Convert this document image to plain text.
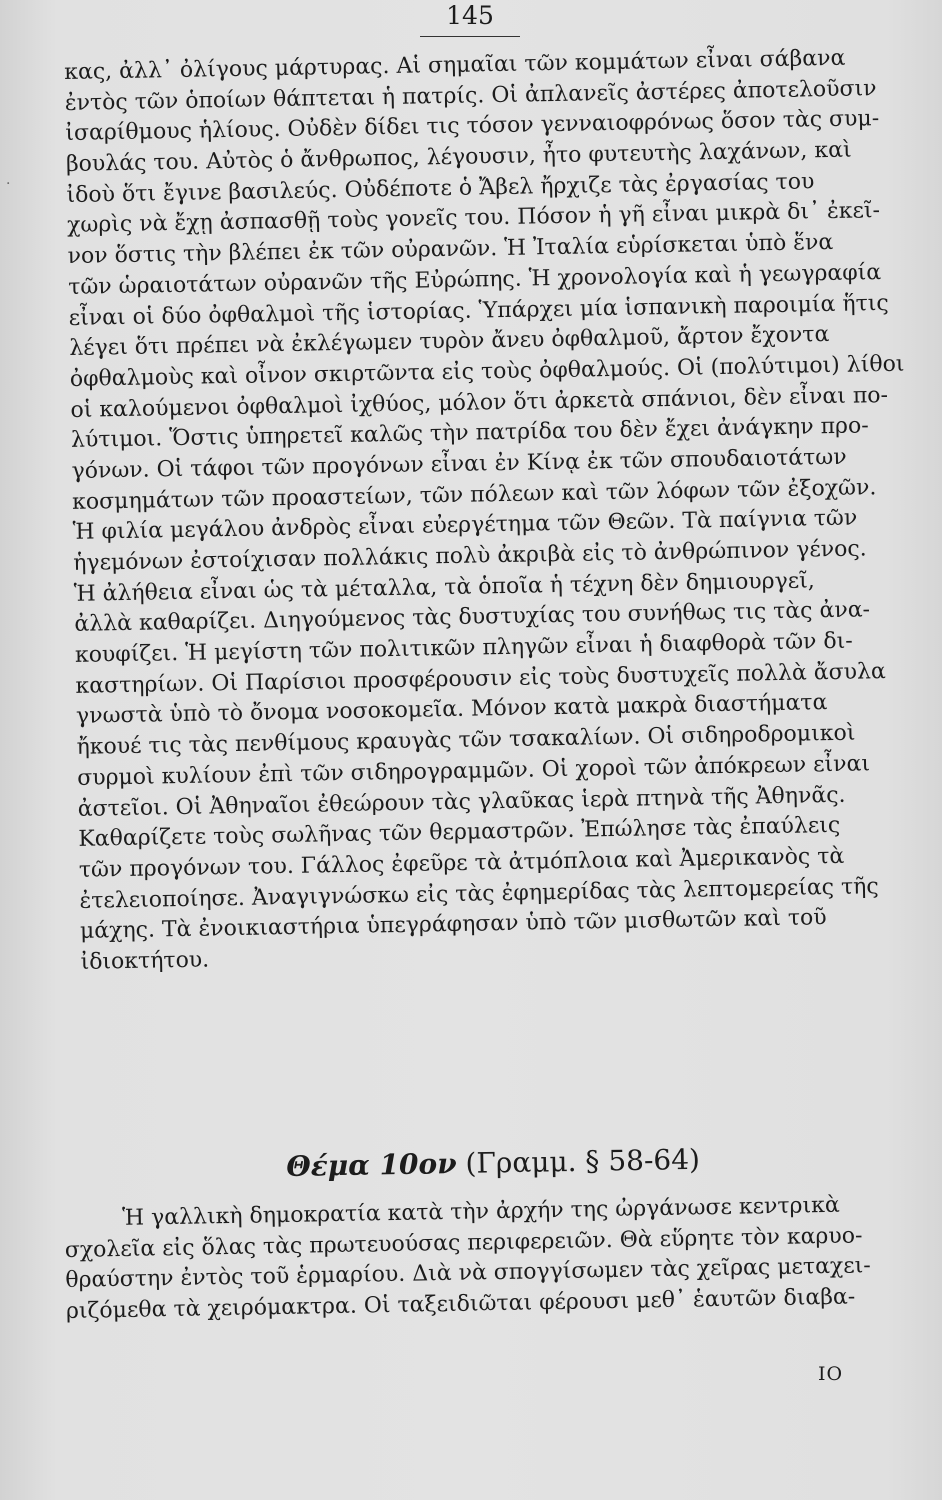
145
·
κας, ἀλλ᾽ ὀλίγους μάρτυρας. Αἱ σημαῖαι τῶν κομμάτων εἶναι σάβανα
ἐντὸς τῶν ὁποίων θάπτεται ἡ πατρίς. Οἱ ἀπλανεῖς ἀστέρες ἀποτελοῦσιν
ἰσαρίθμους ἡλίους. Οὐδὲν δίδει τις τόσον γενναιοφρόνως ὅσον τὰς συμ-
βουλάς του. Αὐτὸς ὁ ἄνθρωπος, λέγουσιν, ἦτο φυτευτὴς λαχάνων, καὶ
ἰδοὺ ὅτι ἔγινε βασιλεύς. Οὐδέποτε ὁ Ἄβελ ἤρχιζε τὰς ἐργασίας του
χωρὶς νὰ ἔχῃ ἀσπασθῇ τοὺς γονεῖς του. Πόσον ἡ γῆ εἶναι μικρὰ δι᾽ ἐκεῖ-
νον ὅστις τὴν βλέπει ἐκ τῶν οὐρανῶν. Ἡ Ἰταλία εὑρίσκεται ὑπὸ ἕνα
τῶν ὡραιοτάτων οὐρανῶν τῆς Εὐρώπης. Ἡ χρονολογία καὶ ἡ γεωγραφία
εἶναι οἱ δύο ὀφθαλμοὶ τῆς ἱστορίας. Ὑπάρχει μία ἱσπανικὴ παροιμία ἥτις
λέγει ὅτι πρέπει νὰ ἐκλέγωμεν τυρὸν ἄνευ ὀφθαλμοῦ, ἄρτον ἔχοντα
ὀφθαλμοὺς καὶ οἶνον σκιρτῶντα εἰς τοὺς ὀφθαλμούς. Οἱ (πολύτιμοι) λίθοι
οἱ καλούμενοι ὀφθαλμοὶ ἰχθύος, μόλον ὅτι ἀρκετὰ σπάνιοι, δὲν εἶναι πο-
λύτιμοι. Ὅστις ὑπηρετεῖ καλῶς τὴν πατρίδα του δὲν ἔχει ἀνάγκην προ-
γόνων. Οἱ τάφοι τῶν προγόνων εἶναι ἐν Κίνᾳ ἐκ τῶν σπουδαιοτάτων
κοσμημάτων τῶν προαστείων, τῶν πόλεων καὶ τῶν λόφων τῶν ἐξοχῶν.
Ἡ φιλία μεγάλου ἀνδρὸς εἶναι εὐεργέτημα τῶν Θεῶν. Τὰ παίγνια τῶν
ἡγεμόνων ἐστοίχισαν πολλάκις πολὺ ἀκριβὰ εἰς τὸ ἀνθρώπινον γένος.
Ἡ ἀλήθεια εἶναι ὡς τὰ μέταλλα, τὰ ὁποῖα ἡ τέχνη δὲν δημιουργεῖ,
ἀλλὰ καθαρίζει. Διηγούμενος τὰς δυστυχίας του συνήθως τις τὰς ἀνα-
κουφίζει. Ἡ μεγίστη τῶν πολιτικῶν πληγῶν εἶναι ἡ διαφθορὰ τῶν δι-
καστηρίων. Οἱ Παρίσιοι προσφέρουσιν εἰς τοὺς δυστυχεῖς πολλὰ ἄσυλα
γνωστὰ ὑπὸ τὸ ὄνομα νοσοκομεῖα. Μόνον κατὰ μακρὰ διαστήματα
ἤκουέ τις τὰς πενθίμους κραυγὰς τῶν τσακαλίων. Οἱ σιδηροδρομικοὶ
συρμοὶ κυλίουν ἐπὶ τῶν σιδηρογραμμῶν. Οἱ χοροὶ τῶν ἀπόκρεων εἶναι
ἀστεῖοι. Οἱ Ἀθηναῖοι ἐθεώρουν τὰς γλαῦκας ἱερὰ πτηνὰ τῆς Ἀθηνᾶς.
Καθαρίζετε τοὺς σωλῆνας τῶν θερμαστρῶν. Ἐπώλησε τὰς ἐπαύλεις
τῶν προγόνων του. Γάλλος ἐφεῦρε τὰ ἀτμόπλοια καὶ Ἀμερικανὸς τὰ
ἐτελειοποίησε. Ἀναγιγνώσκω εἰς τὰς ἐφημερίδας τὰς λεπτομερείας τῆς
μάχης. Τὰ ἐνοικιαστήρια ὑπεγράφησαν ὑπὸ τῶν μισθωτῶν καὶ τοῦ
ἰδιοκτήτου.
Θέμα 10ον (Γραμμ. § 58-64)
Ἡ γαλλικὴ δημοκρατία κατὰ τὴν ἀρχήν της ὠργάνωσε κεντρικὰ
σχολεῖα εἰς ὅλας τὰς πρωτευούσας περιφερειῶν. Θὰ εὕρητε τὸν καρυο-
θραύστην ἐντὸς τοῦ ἑρμαρίου. Διὰ νὰ σπογγίσωμεν τὰς χεῖρας μεταχει-
ριζόμεθα τὰ χειρόμακτρα. Οἱ ταξειδιῶται φέρουσι μεθ᾽ ἑαυτῶν διαβα-
ΙΟ
